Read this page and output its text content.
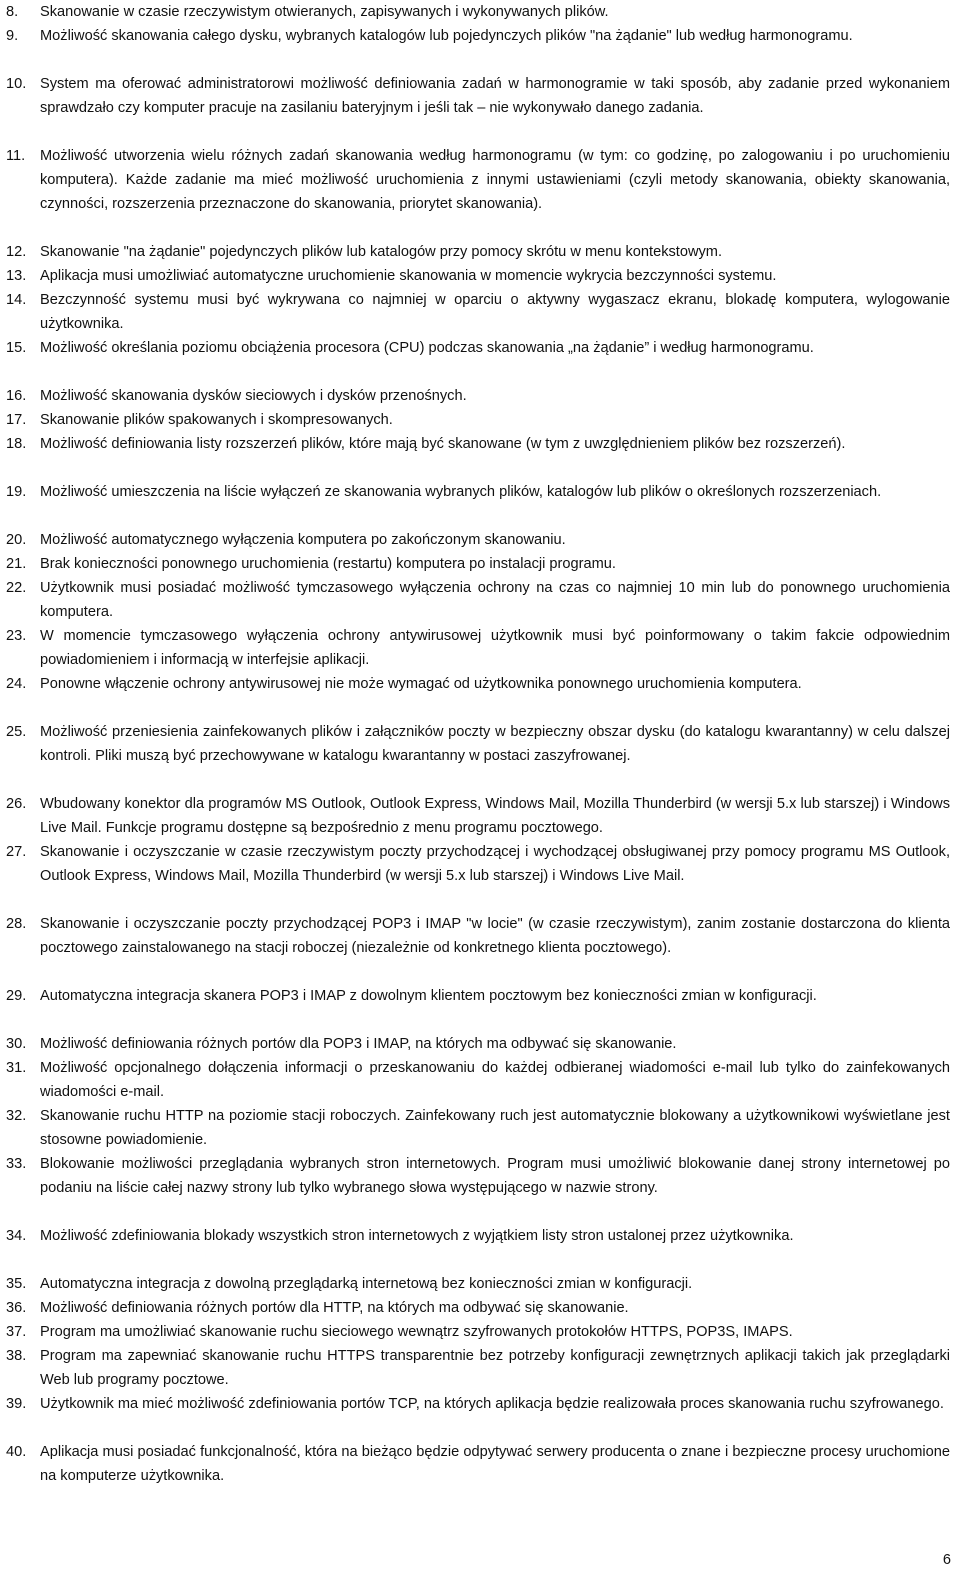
8.	Skanowanie w czasie rzeczywistym otwieranych, zapisywanych i wykonywanych plików.
9.	Możliwość skanowania całego dysku, wybranych katalogów lub pojedynczych plików "na żądanie" lub według harmonogramu.
10. System ma oferować administratorowi możliwość definiowania zadań w harmonogramie w taki sposób, aby zadanie przed wykonaniem sprawdzało czy komputer pracuje na zasilaniu bateryjnym i jeśli tak – nie wykonywało danego zadania.
11.	Możliwość utworzenia wielu różnych zadań skanowania według harmonogramu (w tym: co godzinę, po zalogowaniu i po uruchomieniu komputera). Każde zadanie ma mieć możliwość uruchomienia z innymi ustawieniami (czyli metody skanowania, obiekty skanowania, czynności, rozszerzenia przeznaczone do skanowania, priorytet skanowania).
12. Skanowanie "na żądanie" pojedynczych plików lub katalogów przy pomocy skrótu w menu kontekstowym.
13. Aplikacja musi umożliwiać automatyczne uruchomienie skanowania w momencie wykrycia bezczynności systemu.
14. Bezczynność systemu musi być wykrywana co najmniej w oparciu o aktywny wygaszacz ekranu, blokadę komputera, wylogowanie użytkownika.
15. Możliwość określania poziomu obciążenia procesora (CPU) podczas skanowania „na żądanie” i według harmonogramu.
16. Możliwość skanowania dysków sieciowych i dysków przenośnych.
17. Skanowanie plików spakowanych i skompresowanych.
18. Możliwość definiowania listy rozszerzeń plików, które mają być skanowane (w tym z uwzględnieniem plików bez rozszerzeń).
19. Możliwość umieszczenia na liście wyłączeń ze skanowania wybranych plików, katalogów lub plików o określonych rozszerzeniach.
20. Możliwość automatycznego wyłączenia komputera po zakończonym skanowaniu.
21. Brak konieczności ponownego uruchomienia (restartu) komputera po instalacji programu.
22. Użytkownik musi posiadać możliwość tymczasowego wyłączenia ochrony na czas co najmniej 10 min lub do ponownego uruchomienia komputera.
23. W momencie tymczasowego wyłączenia ochrony antywirusowej użytkownik musi być poinformowany o takim fakcie odpowiednim powiadomieniem i informacją w interfejsie aplikacji.
24. Ponowne włączenie ochrony antywirusowej nie może wymagać od użytkownika ponownego uruchomienia komputera.
25. Możliwość przeniesienia zainfekowanych plików i załączników poczty w bezpieczny obszar dysku (do katalogu kwarantanny) w celu dalszej kontroli. Pliki muszą być przechowywane w katalogu kwarantanny w postaci zaszyfrowanej.
26. Wbudowany konektor dla programów MS Outlook, Outlook Express, Windows Mail, Mozilla Thunderbird (w wersji 5.x lub starszej) i Windows Live Mail. Funkcje programu dostępne są bezpośrednio z menu programu pocztowego.
27. Skanowanie i oczyszczanie w czasie rzeczywistym poczty przychodzącej i wychodzącej obsługiwanej przy pomocy programu MS Outlook, Outlook Express, Windows Mail, Mozilla Thunderbird (w wersji 5.x lub starszej) i Windows Live Mail.
28. Skanowanie i oczyszczanie poczty przychodzącej POP3 i IMAP "w locie" (w czasie rzeczywistym), zanim zostanie dostarczona do klienta pocztowego zainstalowanego na stacji roboczej (niezależnie od konkretnego klienta pocztowego).
29. Automatyczna integracja skanera POP3 i IMAP z dowolnym klientem pocztowym bez konieczności zmian w konfiguracji.
30. Możliwość definiowania różnych portów dla POP3 i IMAP, na których ma odbywać się skanowanie.
31. Możliwość opcjonalnego dołączenia informacji o przeskanowaniu do każdej odbieranej wiadomości e-mail lub tylko do zainfekowanych wiadomości e-mail.
32. Skanowanie ruchu HTTP na poziomie stacji roboczych. Zainfekowany ruch jest automatycznie blokowany a użytkownikowi wyświetlane jest stosowne powiadomienie.
33. Blokowanie możliwości przeglądania wybranych stron internetowych. Program musi umożliwić blokowanie danej strony internetowej po podaniu na liście całej nazwy strony lub tylko wybranego słowa występującego w nazwie strony.
34. Możliwość zdefiniowania blokady wszystkich stron internetowych z wyjątkiem listy stron ustalonej przez użytkownika.
35. Automatyczna integracja z dowolną przeglądarką internetową bez konieczności zmian w konfiguracji.
36. Możliwość definiowania różnych portów dla HTTP, na których ma odbywać się skanowanie.
37. Program ma umożliwiać skanowanie ruchu sieciowego wewnątrz szyfrowanych protokołów HTTPS, POP3S, IMAPS.
38. Program ma zapewniać skanowanie ruchu HTTPS transparentnie bez potrzeby konfiguracji zewnętrznych aplikacji takich jak przeglądarki Web lub programy pocztowe.
39. Użytkownik ma mieć możliwość zdefiniowania portów TCP, na których aplikacja będzie realizowała proces skanowania ruchu szyfrowanego.
40. Aplikacja musi posiadać funkcjonalność, która na bieżąco będzie odpytywać serwery producenta o znane i bezpieczne procesy uruchomione na komputerze użytkownika.
6
